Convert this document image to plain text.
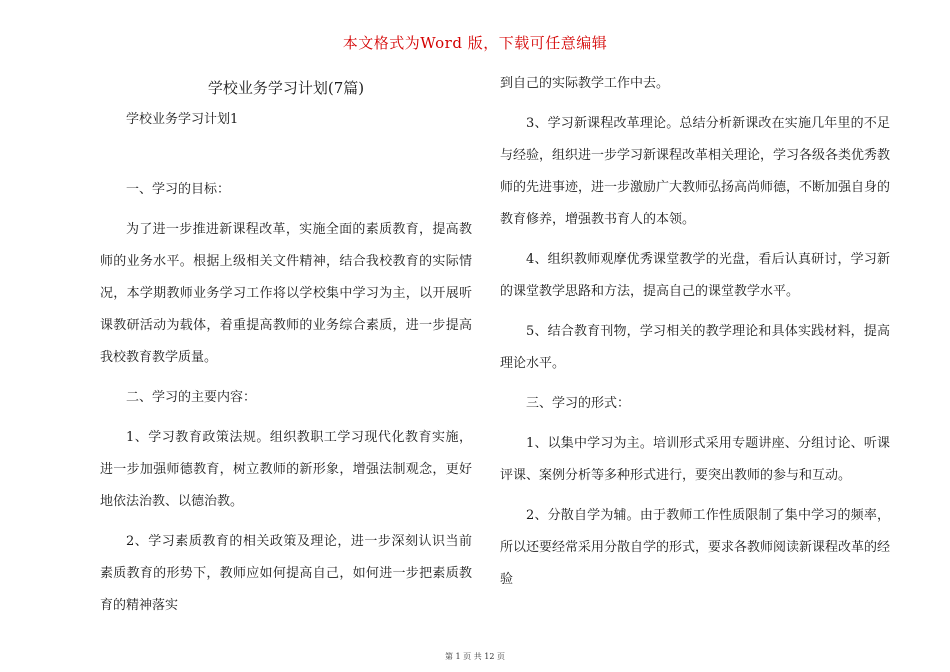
本文格式为Word 版，下载可任意编辑
学校业务学习计划(7篇)
学校业务学习计划1
一、学习的目标：
为了进一步推进新课程改革，实施全面的素质教育，提高教师的业务水平。根据上级相关文件精神，结合我校教育的实际情况，本学期教师业务学习工作将以学校集中学习为主，以开展听课教研活动为载体，着重提高教师的业务综合素质，进一步提高我校教育教学质量。
二、学习的主要内容：
1、学习教育政策法规。组织教职工学习现代化教育实施，进一步加强师德教育，树立教师的新形象，增强法制观念，更好地依法治教、以德治教。
2、学习素质教育的相关政策及理论，进一步深刻认识当前素质教育的形势下，教师应如何提高自己，如何进一步把素质教育的精神落实
到自己的实际教学工作中去。
3、学习新课程改革理论。总结分析新课改在实施几年里的不足与经验，组织进一步学习新课程改革相关理论，学习各级各类优秀教师的先进事迹，进一步激励广大教师弘扬高尚师德，不断加强自身的教育修养，增强教书育人的本领。
4、组织教师观摩优秀课堂教学的光盘，看后认真研讨，学习新的课堂教学思路和方法，提高自己的课堂教学水平。
5、结合教育刊物，学习相关的教学理论和具体实践材料，提高理论水平。
三、学习的形式：
1、以集中学习为主。培训形式采用专题讲座、分组讨论、听课评课、案例分析等多种形式进行，要突出教师的参与和互动。
2、分散自学为辅。由于教师工作性质限制了集中学习的频率，所以还要经常采用分散自学的形式，要求各教师阅读新课程改革的经验
第 1 页 共 12 页
